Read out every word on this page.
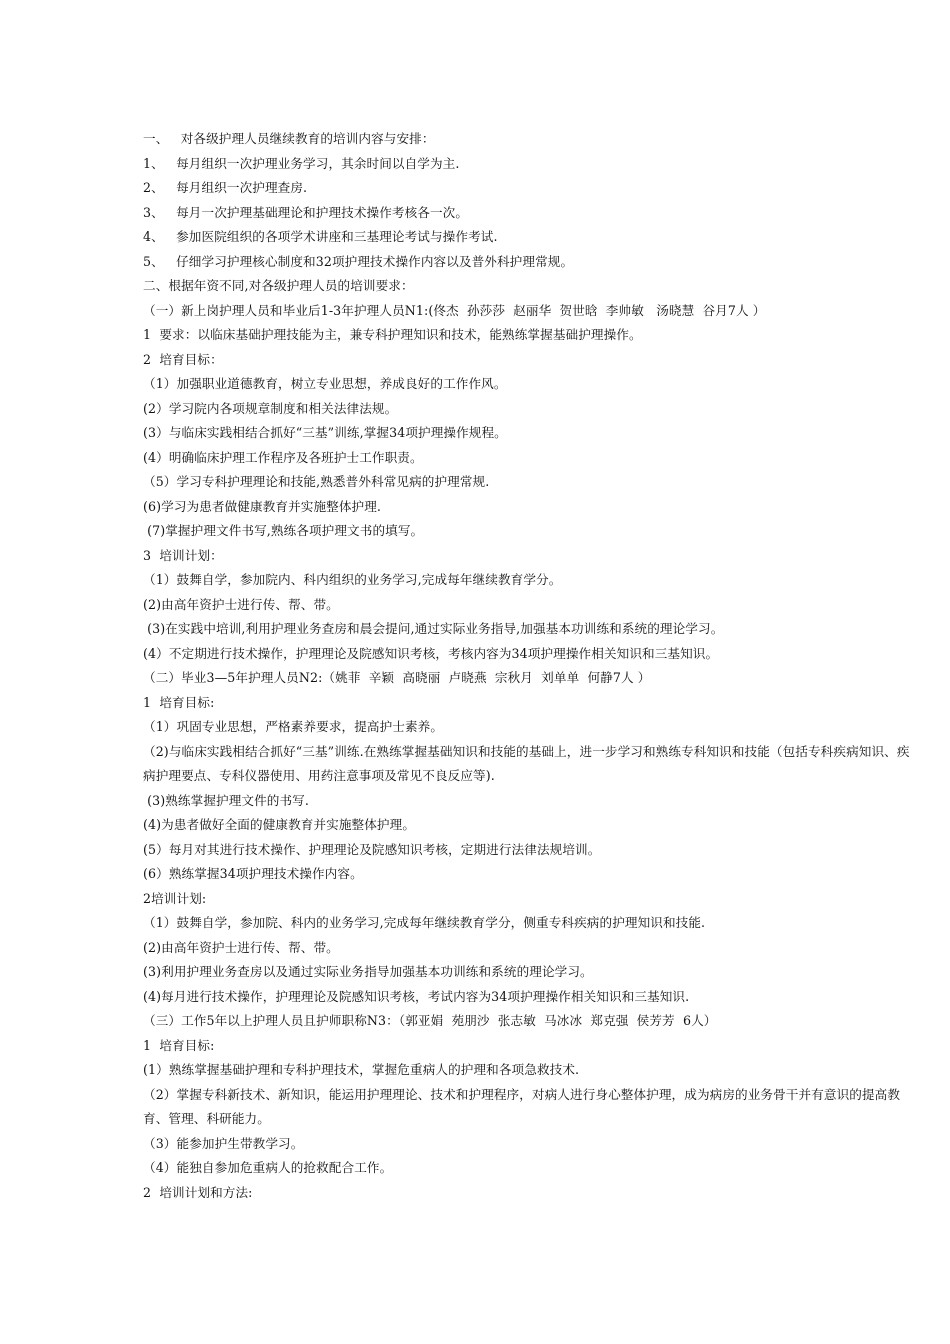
一、   对各级护理人员继续教育的培训内容与安排：
1、   每月组织一次护理业务学习，其余时间以自学为主.
2、   每月组织一次护理查房.
3、   每月一次护理基础理论和护理技术操作考核各一次。
4、   参加医院组织的各项学术讲座和三基理论考试与操作考试.
5、   仔细学习护理核心制度和32项护理技术操作内容以及普外科护理常规。
二、根据年资不同,对各级护理人员的培训要求：
（一）新上岗护理人员和毕业后1-3年护理人员N1:(佟杰  孙莎莎  赵丽华  贺世晗  李帅敏   汤晓慧  谷月7人 ）
1  要求：以临床基础护理技能为主，兼专科护理知识和技术，能熟练掌握基础护理操作。
2  培育目标：
（1）加强职业道德教育，树立专业思想，养成良好的工作作风。
(2）学习院内各项规章制度和相关法律法规。
(3）与临床实践相结合抓好“三基”训练,掌握34项护理操作规程。
(4）明确临床护理工作程序及各班护士工作职责。
（5）学习专科护理理论和技能,熟悉普外科常见病的护理常规.
(6)学习为患者做健康教育并实施整体护理.
(7)掌握护理文件书写,熟练各项护理文书的填写。
3  培训计划：
（1）鼓舞自学，参加院内、科内组织的业务学习,完成每年继续教育学分。
(2)由高年资护士进行传、帮、带。
(3)在实践中培训,利用护理业务查房和晨会提问,通过实际业务指导,加强基本功训练和系统的理论学习。
(4）不定期进行技术操作，护理理论及院感知识考核，考核内容为34项护理操作相关知识和三基知识。
（二）毕业3—5年护理人员N2:（姚菲  辛颖  高晓丽  卢晓燕  宗秋月  刘单单  何静7人 ）
1  培育目标:
（1）巩固专业思想，严格素养要求，提高护士素养。
（2)与临床实践相结合抓好“三基”训练.在熟练掌握基础知识和技能的基础上，进一步学习和熟练专科知识和技能（包括专科疾病知识、疾病护理要点、专科仪器使用、用药注意事项及常见不良反应等).
(3)熟练掌握护理文件的书写.
(4)为患者做好全面的健康教育并实施整体护理。
(5）每月对其进行技术操作、护理理论及院感知识考核，定期进行法律法规培训。
(6）熟练掌握34项护理技术操作内容。
2培训计划:
（1）鼓舞自学，参加院、科内的业务学习,完成每年继续教育学分，侧重专科疾病的护理知识和技能.
(2)由高年资护士进行传、帮、带。
(3)利用护理业务查房以及通过实际业务指导加强基本功训练和系统的理论学习。
(4)每月进行技术操作，护理理论及院感知识考核，考试内容为34项护理操作相关知识和三基知识.
（三）工作5年以上护理人员且护师职称N3：（郭亚娟  苑朋沙  张志敏  马冰冰  郑克强  侯芳芳  6人）
1  培育目标:
(1）熟练掌握基础护理和专科护理技术，掌握危重病人的护理和各项急救技术.
（2）掌握专科新技术、新知识，能运用护理理论、技术和护理程序，对病人进行身心整体护理，成为病房的业务骨干并有意识的提高教育、管理、科研能力。
（3）能参加护生带教学习。
（4）能独自参加危重病人的抢救配合工作。
2  培训计划和方法:
